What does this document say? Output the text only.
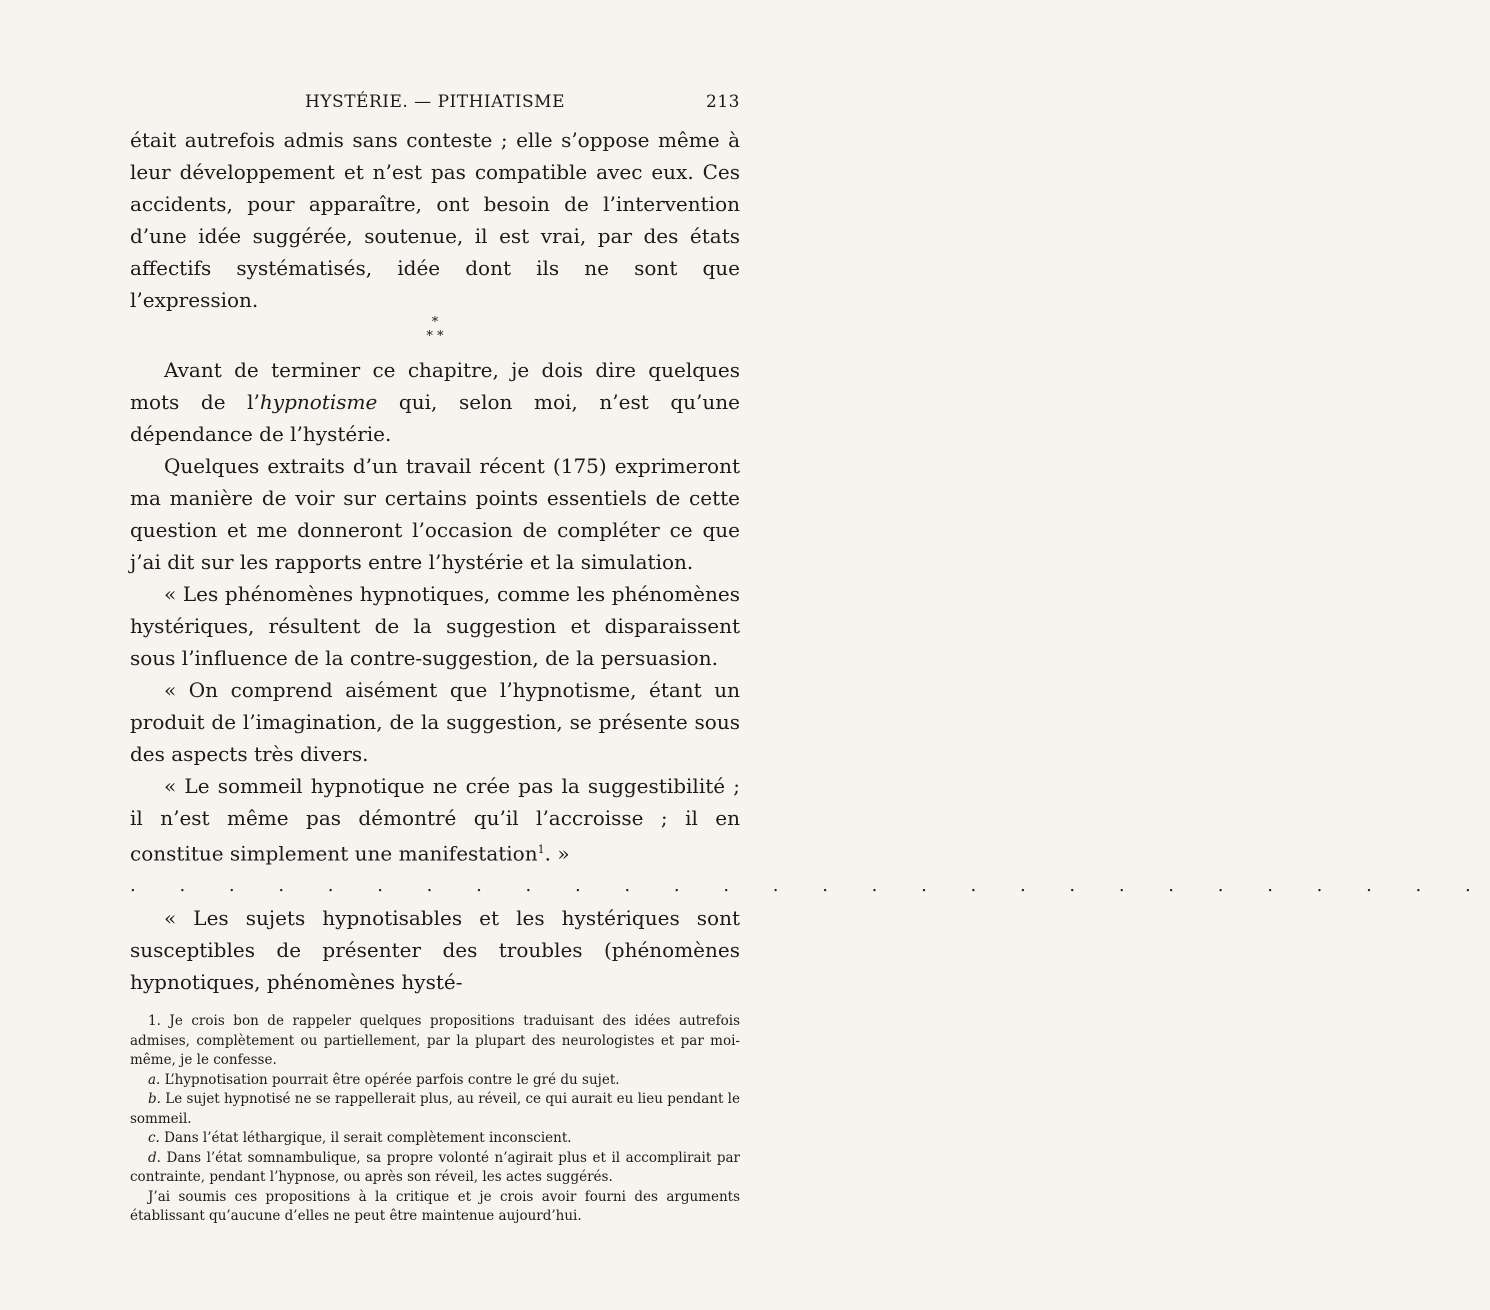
HYSTÉRIE. — PITHIATISME	213

était autrefois admis sans conteste ; elle s’oppose même à leur développement et n’est pas compatible avec eux. Ces accidents, pour apparaître, ont besoin de l’intervention d’une idée suggérée, soutenue, il est vrai, par des états affectifs systématisés, idée dont ils ne sont que l’expression.

*
* *

Avant de terminer ce chapitre, je dois dire quelques mots de l’hypnotisme qui, selon moi, n’est qu’une dépendance de l’hystérie.

Quelques extraits d’un travail récent (175) exprimeront ma manière de voir sur certains points essentiels de cette question et me donneront l’occasion de compléter ce que j’ai dit sur les rapports entre l’hystérie et la simulation.

« Les phénomènes hypnotiques, comme les phénomènes hystériques, résultent de la suggestion et disparaissent sous l’influence de la contre-suggestion, de la persuasion.

« On comprend aisément que l’hypnotisme, étant un produit de l’imagination, de la suggestion, se présente sous des aspects très divers.

« Le sommeil hypnotique ne crée pas la suggestibilité ; il n’est même pas démontré qu’il l’accroisse ; il en constitue simplement une manifestation$^1$. »

. . . . . . . . . . . . . . . . . . . . . . . . . . . .

« Les sujets hypnotisables et les hystériques sont susceptibles de présenter des troubles (phénomènes hypnotiques, phénomènes hysté-

1. Je crois bon de rappeler quelques propositions traduisant des idées autrefois admises, complètement ou partiellement, par la plupart des neurologistes et par moi-même, je le confesse.

a. L’hypnotisation pourrait être opérée parfois contre le gré du sujet.

b. Le sujet hypnotisé ne se rappellerait plus, au réveil, ce qui aurait eu lieu pendant le sommeil.

c. Dans l’état léthargique, il serait complètement inconscient.

d. Dans l’état somnambulique, sa propre volonté n’agirait plus et il accomplirait par contrainte, pendant l’hypnose, ou après son réveil, les actes suggérés.

J’ai soumis ces propositions à la critique et je crois avoir fourni des arguments établissant qu’aucune d’elles ne peut être maintenue aujourd’hui.
